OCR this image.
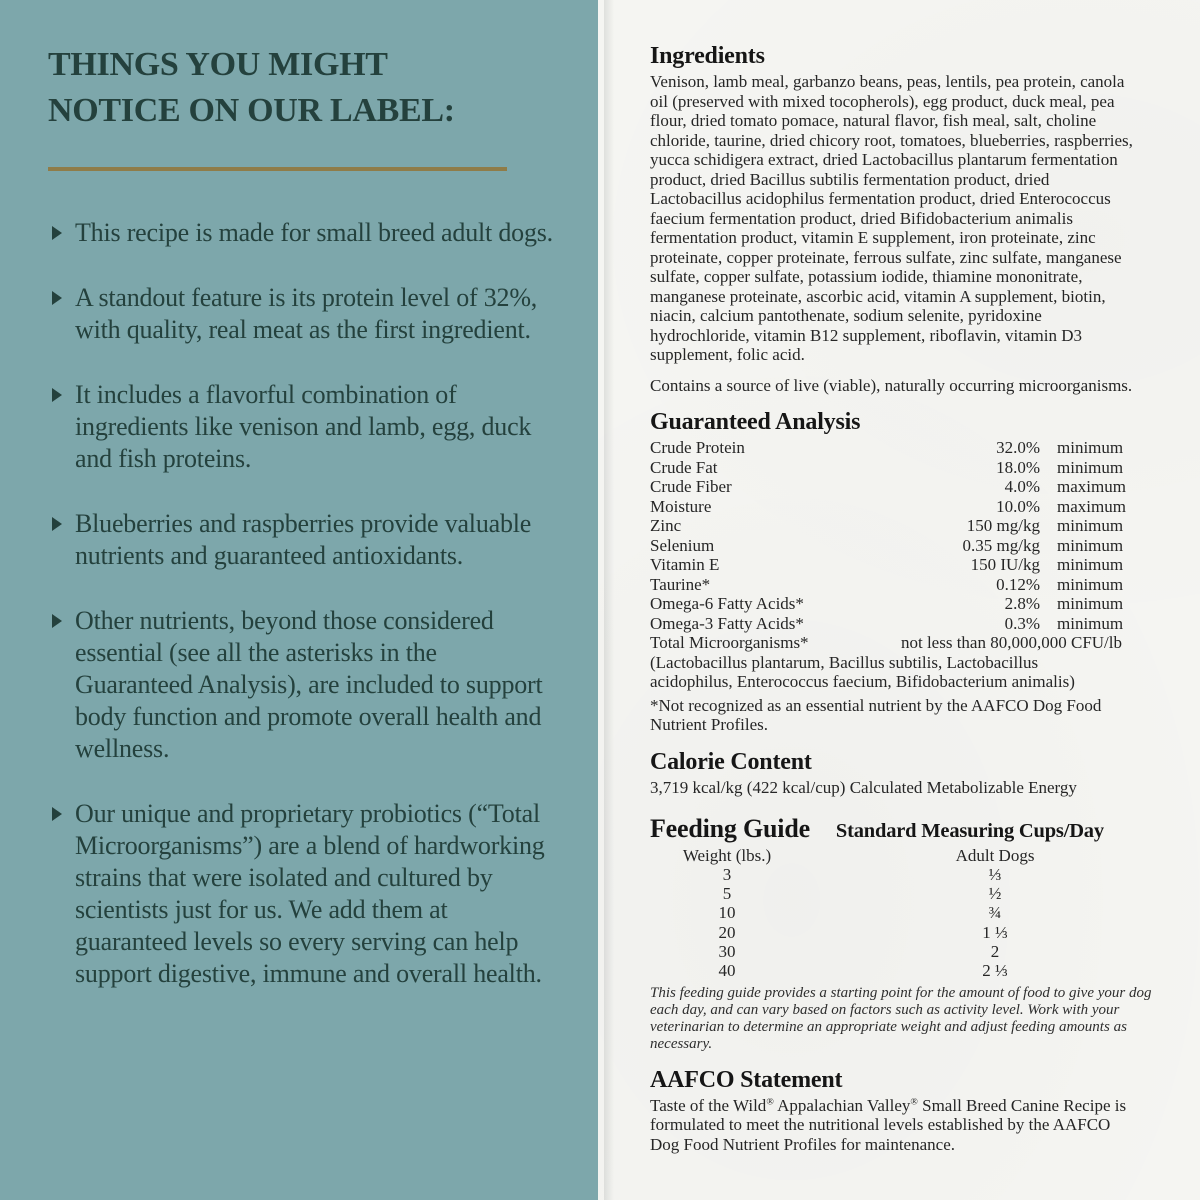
THINGS YOU MIGHT
NOTICE ON OUR LABEL:
This recipe is made for small breed adult dogs.
A standout feature is its protein level of 32%, with quality, real meat as the first ingredient.
It includes a flavorful combination of ingredients like venison and lamb, egg, duck and fish proteins.
Blueberries and raspberries provide valuable nutrients and guaranteed antioxidants.
Other nutrients, beyond those considered essential (see all the asterisks in the Guaranteed Analysis), are included to support body function and promote overall health and wellness.
Our unique and proprietary probiotics (“Total Microorganisms”) are a blend of hardworking strains that were isolated and cultured by scientists just for us. We add them at guaranteed levels so every serving can help support digestive, immune and overall health.
Ingredients

Venison, lamb meal, garbanzo beans, peas, lentils, pea protein, canola oil (preserved with mixed tocopherols), egg product, duck meal, pea flour, dried tomato pomace, natural flavor, fish meal, salt, choline chloride, taurine, dried chicory root, tomatoes, blueberries, raspberries, yucca schidigera extract, dried Lactobacillus plantarum fermentation product, dried Bacillus subtilis fermentation product, dried Lactobacillus acidophilus fermentation product, dried Enterococcus faecium fermentation product, dried Bifidobacterium animalis fermentation product, vitamin E supplement, iron proteinate, zinc proteinate, copper proteinate, ferrous sulfate, zinc sulfate, manganese sulfate, copper sulfate, potassium iodide, thiamine mononitrate, manganese proteinate, ascorbic acid, vitamin A supplement, biotin, niacin, calcium pantothenate, sodium selenite, pyridoxine hydrochloride, vitamin B12 supplement, riboflavin, vitamin D3 supplement, folic acid.

Contains a source of live (viable), naturally occurring microorganisms.

Guaranteed Analysis
Crude Protein	32.0%	minimum
Crude Fat	18.0%	minimum
Crude Fiber	4.0%	maximum
Moisture	10.0%	maximum
Zinc	150 mg/kg	minimum
Selenium	0.35 mg/kg	minimum
Vitamin E	150 IU/kg	minimum
Taurine*	0.12%	minimum
Omega-6 Fatty Acids*	2.8%	minimum
Omega-3 Fatty Acids*	0.3%	minimum
Total Microorganisms*	not less than 80,000,000 CFU/lb

(Lactobacillus plantarum, Bacillus subtilis, Lactobacillus acidophilus, Enterococcus faecium, Bifidobacterium animalis)

*Not recognized as an essential nutrient by the AAFCO Dog Food Nutrient Profiles.

Calorie Content

3,719 kcal/kg (422 kcal/cup) Calculated Metabolizable Energy

Feeding Guide Standard Measuring Cups/Day
Weight (lbs.)	Adult Dogs
3	⅓
5	½
10	¾
20	1 ⅓
30	2
40	2 ⅓

This feeding guide provides a starting point for the amount of food to give your dog each day, and can vary based on factors such as activity level. Work with your veterinarian to determine an appropriate weight and adjust feeding amounts as necessary.

AAFCO Statement

Taste of the Wild® Appalachian Valley® Small Breed Canine Recipe is formulated to meet the nutritional levels established by the AAFCO Dog Food Nutrient Profiles for maintenance.
